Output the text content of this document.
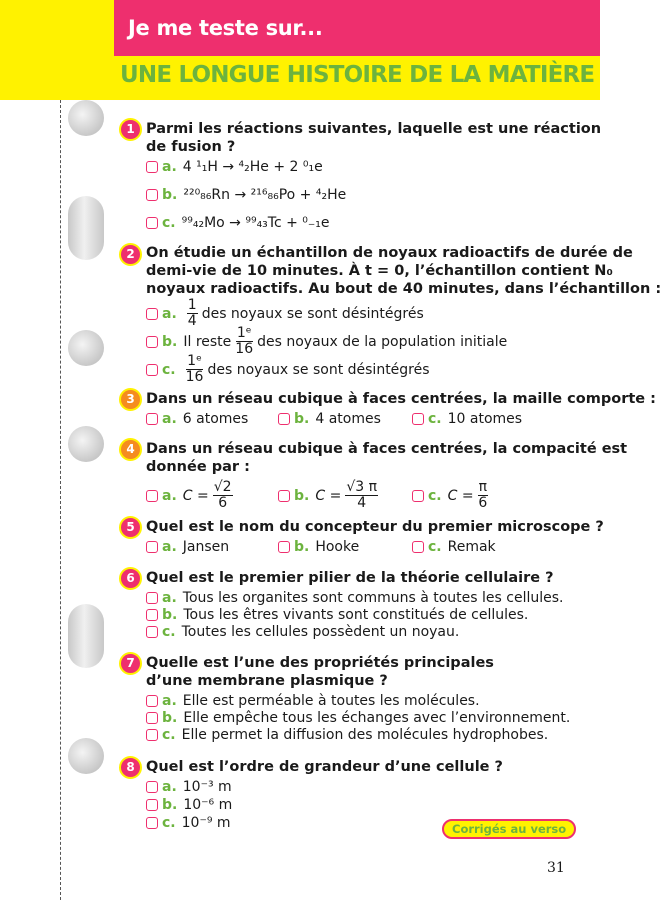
Je me teste sur...
UNE LONGUE HISTOIRE DE LA MATIÈRE
1 Parmi les réactions suivantes, laquelle est une réaction
de fusion ?
a. 4 ¹₁H → ⁴₂He + 2 ⁰₁e
b. ²²⁰₈₆Rn → ²¹⁶₈₆Po + ⁴₂He
c. ⁹⁹₄₂Mo → ⁹⁹₄₃Tc + ⁰₋₁e
2 On étudie un échantillon de noyaux radioactifs de durée de
demi-vie de 10 minutes. À t = 0, l’échantillon contient N₀
noyaux radioactifs. Au bout de 40 minutes, dans l’échantillon :
a. $\frac{1}{4}$ des noyaux se sont désintégrés
b. Il reste $\frac{\text{1ᵉ}}{16}$ des noyaux de la population initiale
c. $\frac{\text{1ᵉ}}{16}$ des noyaux se sont désintégrés
3 Dans un réseau cubique à faces centrées, la maille comporte :
a. 6 atomes	b. 4 atomes	c. 10 atomes
4 Dans un réseau cubique à faces centrées, la compacité est
donnée par :
a. $C = \frac{√2}{6}$	b. $C = \frac{√3 \pi}{4}$	c. $C = \frac{\pi}{6}$
5 Quel est le nom du concepteur du premier microscope ?
a. Jansen	b. Hooke	c. Remak
6 Quel est le premier pilier de la théorie cellulaire ?
a. Tous les organites sont communs à toutes les cellules.
b. Tous les êtres vivants sont constitués de cellules.
c. Toutes les cellules possèdent un noyau.
7 Quelle est l’une des propriétés principales
d’une membrane plasmique ?
a. Elle est perméable à toutes les molécules.
b. Elle empêche tous les échanges avec l’environnement.
c. Elle permet la diffusion des molécules hydrophobes.
8 Quel est l’ordre de grandeur d’une cellule ?
a. 10⁻³ m
b. 10⁻⁶ m
c. 10⁻⁹ m	Corrigés au verso
31
